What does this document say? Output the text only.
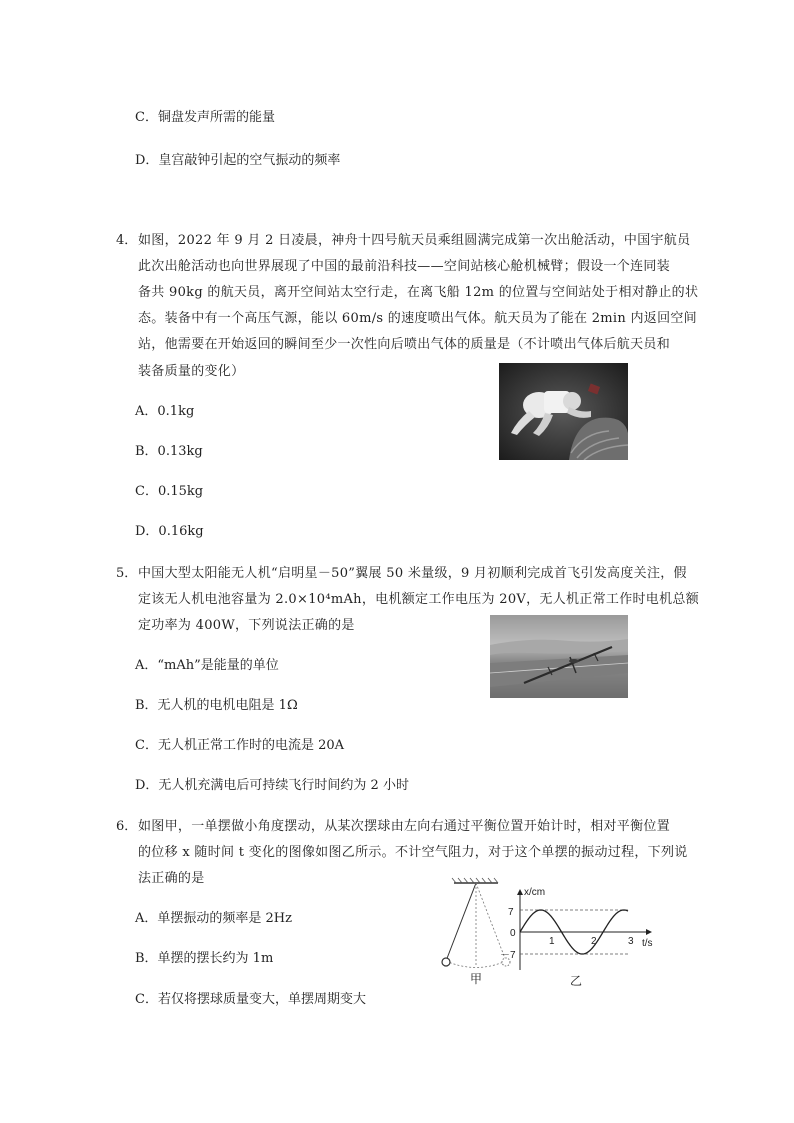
C．铜盘发声所需的能量
D．皇宫敲钟引起的空气振动的频率
4． 如图，2022 年 9 月 2 日凌晨，神舟十四号航天员乘组圆满完成第一次出舱活动，中国宇航员
此次出舱活动也向世界展现了中国的最前沿科技——空间站核心舱机械臂；假设一个连同装
备共 90kg 的航天员，离开空间站太空行走，在离飞船 12m 的位置与空间站处于相对静止的状
态。装备中有一个高压气源，能以 60m/s 的速度喷出气体。航天员为了能在 2min 内返回空间
站，他需要在开始返回的瞬间至少一次性向后喷出气体的质量是（不计喷出气体后航天员和
装备质量的变化）
A．0.1kg
B．0.13kg
C．0.15kg
D．0.16kg
5． 中国大型太阳能无人机“启明星－50”翼展 50 米量级，9 月初顺利完成首飞引发高度关注，假
定该无人机电池容量为 2.0×10⁴mAh，电机额定工作电压为 20V，无人机正常工作时电机总额
定功率为 400W，下列说法正确的是
A．“mAh”是能量的单位
B．无人机的电机电阻是 1Ω
C．无人机正常工作时的电流是 20A
D．无人机充满电后可持续飞行时间约为 2 小时
6． 如图甲，一单摆做小角度摆动，从某次摆球由左向右通过平衡位置开始计时，相对平衡位置
的位移 x 随时间 t 变化的图像如图乙所示。不计空气阻力，对于这个单摆的振动过程，下列说
法正确的是
A．单摆振动的频率是 2Hz
B．单摆的摆长约为 1m
C．若仅将摆球质量变大，单摆周期变大
甲
x/cm
t/s
7
0
－7
1	2	3
乙
